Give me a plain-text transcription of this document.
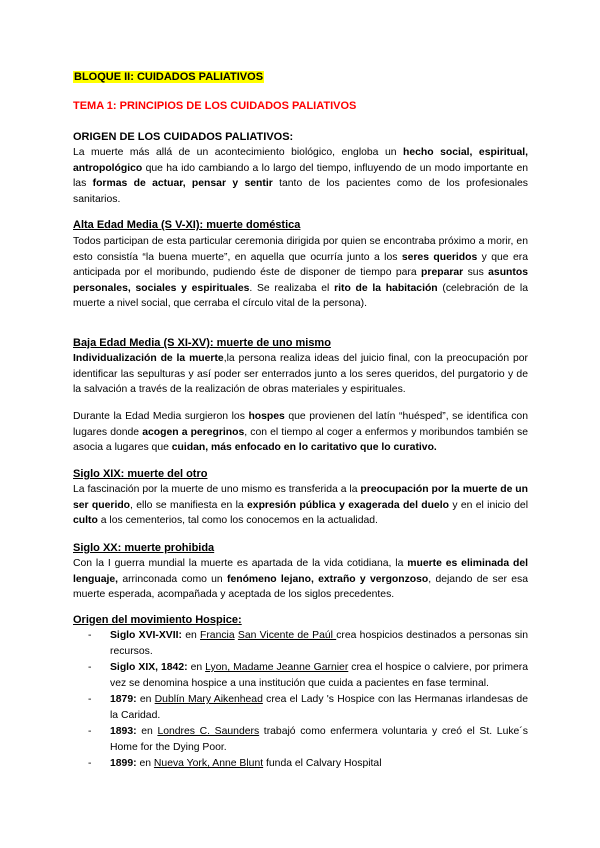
BLOQUE II: CUIDADOS PALIATIVOS

TEMA 1: PRINCIPIOS DE LOS CUIDADOS PALIATIVOS

ORIGEN DE LOS CUIDADOS PALIATIVOS:

La muerte más allá de un acontecimiento biológico, engloba un hecho social, espiritual, antropológico que ha ido cambiando a lo largo del tiempo, influyendo de un modo importante en las formas de actuar, pensar y sentir tanto de los pacientes como de los profesionales sanitarios.

Alta Edad Media (S V-XI): muerte doméstica

Todos participan de esta particular ceremonia dirigida por quien se encontraba próximo a morir, en esto consistía “la buena muerte”, en aquella que ocurría junto a los seres queridos y que era anticipada por el moribundo, pudiendo éste de disponer de tiempo para preparar sus asuntos personales, sociales y espirituales. Se realizaba el rito de la habitación (celebración de la muerte a nivel social, que cerraba el círculo vital de la persona).

Baja Edad Media (S XI-XV): muerte de uno mismo

Individualización de la muerte,la persona realiza ideas del juicio final, con la preocupación por identificar las sepulturas y así poder ser enterrados junto a los seres queridos, del purgatorio y de la salvación a través de la realización de obras materiales y espirituales.

Durante la Edad Media surgieron los hospes que provienen del latín “huésped”, se identifica con lugares donde acogen a peregrinos, con el tiempo al coger a enfermos y moribundos también se asocia a lugares que cuidan, más enfocado en lo caritativo que lo curativo.

Siglo XIX: muerte del otro

La fascinación por la muerte de uno mismo es transferida a la preocupación por la muerte de un ser querido, ello se manifiesta en la expresión pública y exagerada del duelo y en el inicio del culto a los cementerios, tal como los conocemos en la actualidad.

Siglo XX: muerte prohibida

Con la I guerra mundial la muerte es apartada de la vida cotidiana, la muerte es eliminada del lenguaje, arrinconada como un fenómeno lejano, extraño y vergonzoso, dejando de ser esa muerte esperada, acompañada y aceptada de los siglos precedentes.

Origen del movimiento Hospice:

- Siglo XVI-XVII: en Francia San Vicente de Paúl crea hospicios destinados a personas sin recursos.
- Siglo XIX, 1842: en Lyon, Madame Jeanne Garnier crea el hospice o calviere, por primera vez se denomina hospice a una institución que cuida a pacientes en fase terminal.
- 1879: en Dublín Mary Aikenhead crea el Lady 's Hospice con las Hermanas irlandesas de la Caridad.
- 1893: en Londres C. Saunders trabajó como enfermera voluntaria y creó el St. Luke´s Home for the Dying Poor.
- 1899: en Nueva York, Anne Blunt funda el Calvary Hospital
